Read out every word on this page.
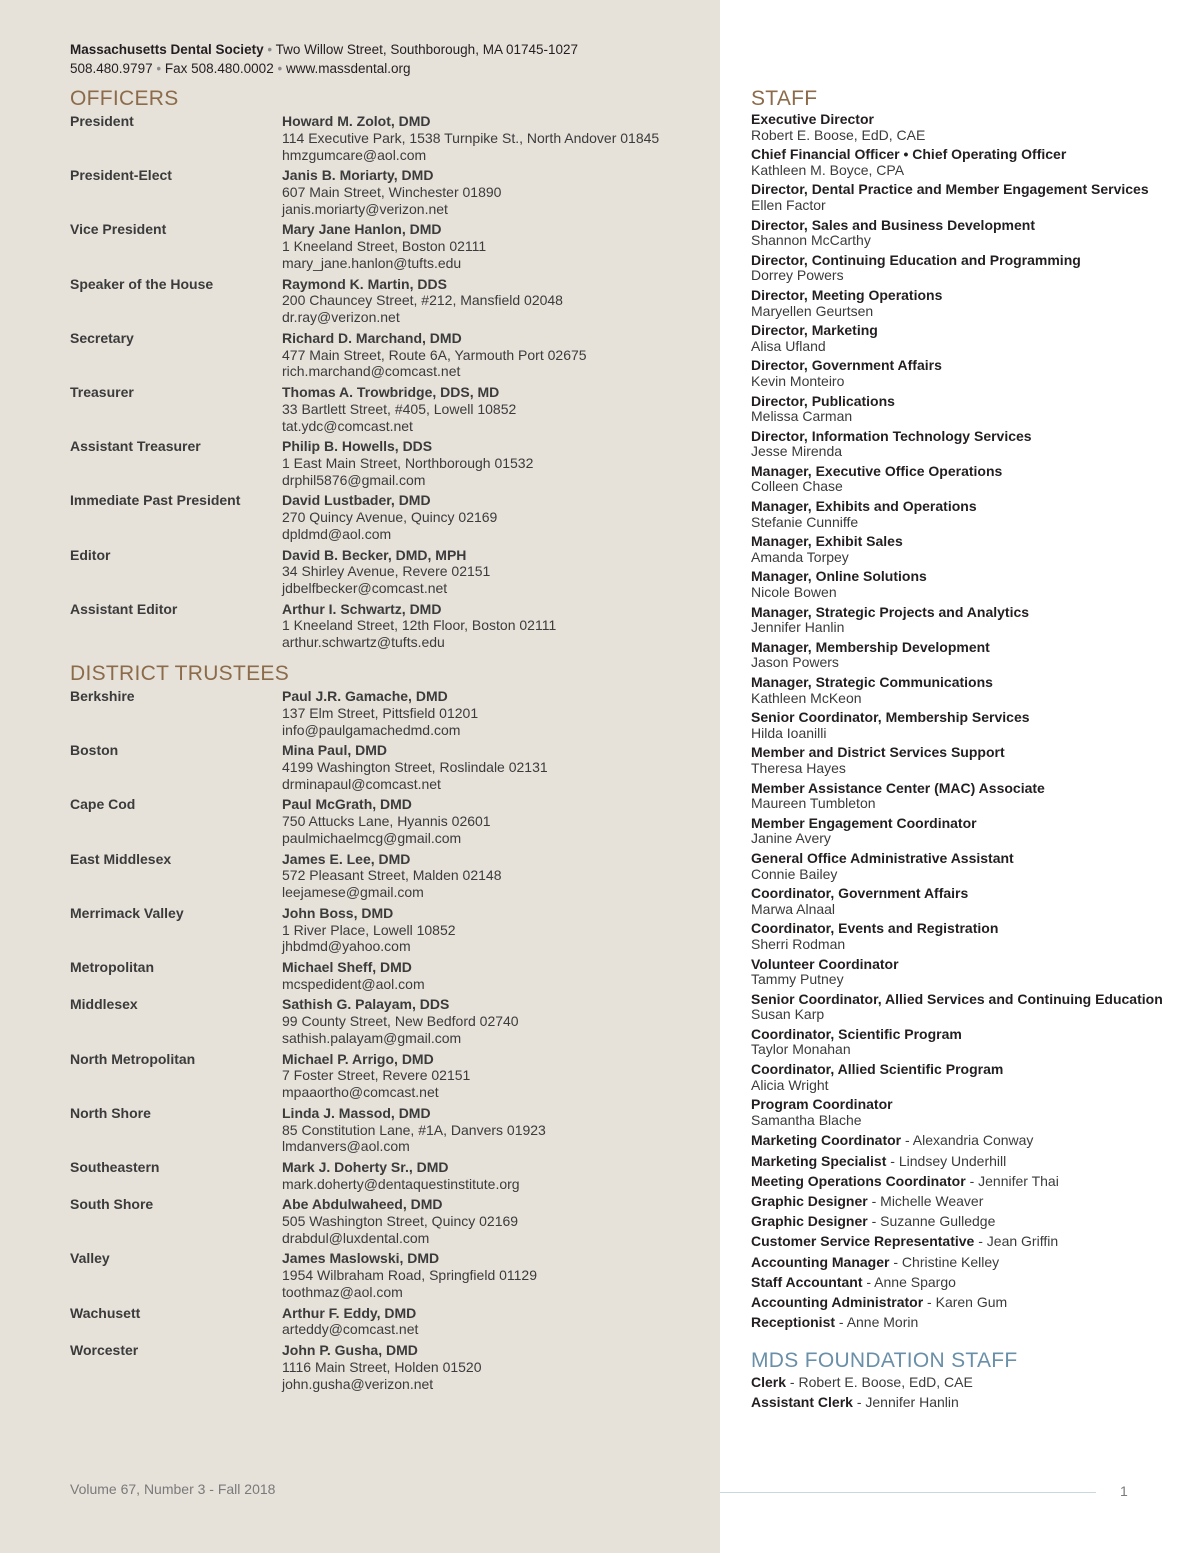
Massachusetts Dental Society • Two Willow Street, Southborough, MA 01745-1027
508.480.9797 • Fax 508.480.0002 • www.massdental.org
OFFICERS
President	Howard M. Zolot, DMD
114 Executive Park, 1538 Turnpike St., North Andover 01845
hmzgumcare@aol.com
President-Elect	Janis B. Moriarty, DMD
607 Main Street, Winchester 01890
janis.moriarty@verizon.net
Vice President	Mary Jane Hanlon, DMD
1 Kneeland Street, Boston 02111
mary_jane.hanlon@tufts.edu
Speaker of the House	Raymond K. Martin, DDS
200 Chauncey Street, #212, Mansfield 02048
dr.ray@verizon.net
Secretary	Richard D. Marchand, DMD
477 Main Street, Route 6A, Yarmouth Port 02675
rich.marchand@comcast.net
Treasurer	Thomas A. Trowbridge, DDS, MD
33 Bartlett Street, #405, Lowell 10852
tat.ydc@comcast.net
Assistant Treasurer	Philip B. Howells, DDS
1 East Main Street, Northborough 01532
drphil5876@gmail.com
Immediate Past President	David Lustbader, DMD
270 Quincy Avenue, Quincy 02169
dpldmd@aol.com
Editor	David B. Becker, DMD, MPH
34 Shirley Avenue, Revere 02151
jdbelfbecker@comcast.net
Assistant Editor	Arthur I. Schwartz, DMD
1 Kneeland Street, 12th Floor, Boston 02111
arthur.schwartz@tufts.edu
DISTRICT TRUSTEES
Berkshire	Paul J.R. Gamache, DMD
137 Elm Street, Pittsfield 01201
info@paulgamachedmd.com
Boston	Mina Paul, DMD
4199 Washington Street, Roslindale 02131
drminapaul@comcast.net
Cape Cod	Paul McGrath, DMD
750 Attucks Lane, Hyannis 02601
paulmichaelmcg@gmail.com
East Middlesex	James E. Lee, DMD
572 Pleasant Street, Malden 02148
leejamese@gmail.com
Merrimack Valley	John Boss, DMD
1 River Place, Lowell 10852
jhbdmd@yahoo.com
Metropolitan	Michael Sheff, DMD
mcspedident@aol.com
Middlesex	Sathish G. Palayam, DDS
99 County Street, New Bedford 02740
sathish.palayam@gmail.com
North Metropolitan	Michael P. Arrigo, DMD
7 Foster Street, Revere 02151
mpaaortho@comcast.net
North Shore	Linda J. Massod, DMD
85 Constitution Lane, #1A, Danvers 01923
lmdanvers@aol.com
Southeastern	Mark J. Doherty Sr., DMD
mark.doherty@dentaquestinstitute.org
South Shore	Abe Abdulwaheed, DMD
505 Washington Street, Quincy 02169
drabdul@luxdental.com
Valley	James Maslowski, DMD
1954 Wilbraham Road, Springfield 01129
toothmaz@aol.com
Wachusett	Arthur F. Eddy, DMD
arteddy@comcast.net
Worcester	John P. Gusha, DMD
1116 Main Street, Holden 01520
john.gusha@verizon.net
Volume 67, Number 3 - Fall 2018
STAFF
Executive Director
Robert E. Boose, EdD, CAE
Chief Financial Officer • Chief Operating Officer
Kathleen M. Boyce, CPA
Director, Dental Practice and Member Engagement Services
Ellen Factor
Director, Sales and Business Development
Shannon McCarthy
Director, Continuing Education and Programming
Dorrey Powers
Director, Meeting Operations
Maryellen Geurtsen
Director, Marketing
Alisa Ufland
Director, Government Affairs
Kevin Monteiro
Director, Publications
Melissa Carman
Director, Information Technology Services
Jesse Mirenda
Manager, Executive Office Operations
Colleen Chase
Manager, Exhibits and Operations
Stefanie Cunniffe
Manager, Exhibit Sales
Amanda Torpey
Manager, Online Solutions
Nicole Bowen
Manager, Strategic Projects and Analytics
Jennifer Hanlin
Manager, Membership Development
Jason Powers
Manager, Strategic Communications
Kathleen McKeon
Senior Coordinator, Membership Services
Hilda Ioanilli
Member and District Services Support
Theresa Hayes
Member Assistance Center (MAC) Associate
Maureen Tumbleton
Member Engagement Coordinator
Janine Avery
General Office Administrative Assistant
Connie Bailey
Coordinator, Government Affairs
Marwa Alnaal
Coordinator, Events and Registration
Sherri Rodman
Volunteer Coordinator
Tammy Putney
Senior Coordinator, Allied Services and Continuing Education
Susan Karp
Coordinator, Scientific Program
Taylor Monahan
Coordinator, Allied Scientific Program
Alicia Wright
Program Coordinator
Samantha Blache
Marketing Coordinator - Alexandria Conway
Marketing Specialist - Lindsey Underhill
Meeting Operations Coordinator - Jennifer Thai
Graphic Designer - Michelle Weaver
Graphic Designer - Suzanne Gulledge
Customer Service Representative - Jean Griffin
Accounting Manager - Christine Kelley
Staff Accountant - Anne Spargo
Accounting Administrator - Karen Gum
Receptionist - Anne Morin
MDS FOUNDATION STAFF
Clerk - Robert E. Boose, EdD, CAE
Assistant Clerk - Jennifer Hanlin
1
